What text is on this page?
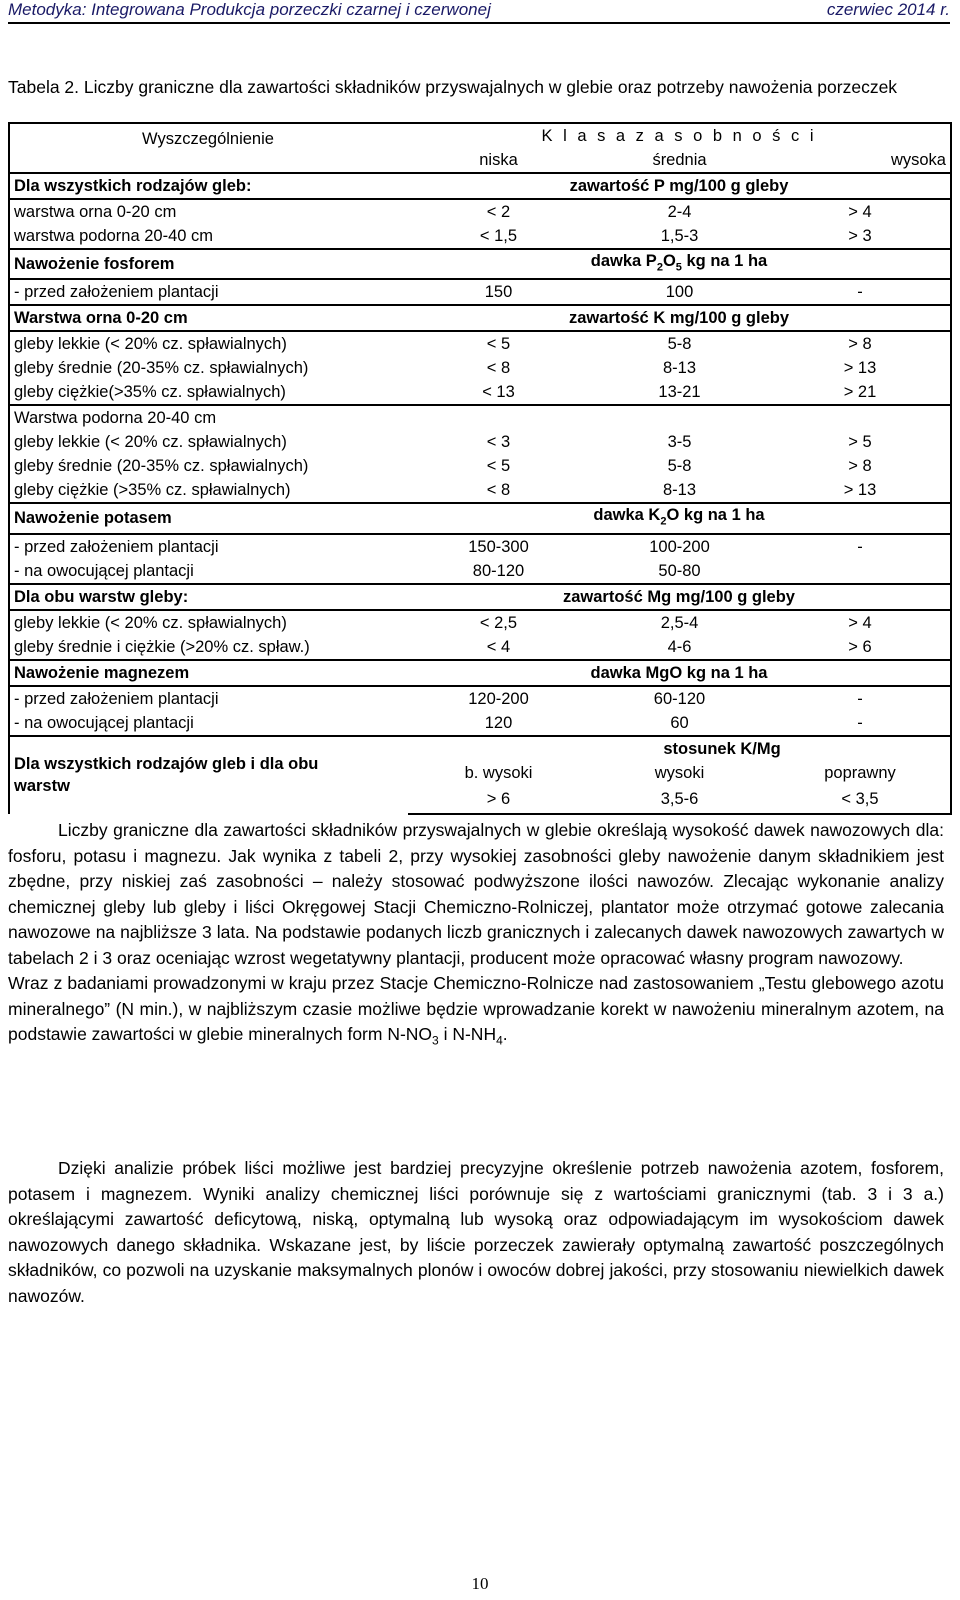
Metodyka: Integrowana Produkcja porzeczki czarnej i czerwonej	czerwiec 2014 r.
Tabela 2. Liczby graniczne dla zawartości składników przyswajalnych w glebie oraz potrzeby nawożenia porzeczek
Wyszczególnienie	K l a s a z a s o b n o ś c i		
	niska	średnia	wysoka
Dla wszystkich rodzajów gleb:	zawartość P mg/100 g gleby		
warstwa orna 0-20 cm	< 2	2-4	> 4
warstwa podorna 20-40 cm	< 1,5	1,5-3	> 3
Nawożenie fosforem	dawka $P_2O_5$ kg na 1 ha		
- przed założeniem plantacji	150	100	-
Warstwa orna 0-20 cm	zawartość K mg/100 g gleby		
gleby lekkie (< 20% cz. spławialnych)	< 5	5-8	> 8
gleby średnie (20-35% cz. spławialnych)	< 8	8-13	> 13
gleby ciężkie(>35% cz. spławialnych)	< 13	13-21	> 21
Warstwa podorna 20-40 cm			
gleby lekkie (< 20% cz. spławialnych)	< 3	3-5	> 5
gleby średnie (20-35% cz. spławialnych)	< 5	5-8	> 8
gleby ciężkie (>35% cz. spławialnych)	< 8	8-13	> 13
Nawożenie potasem	dawka $K_2O$ kg na 1 ha		
- przed założeniem plantacji	150-300	100-200	-
- na owocującej plantacji	80-120	50-80	
Dla obu warstw gleby:	zawartość Mg mg/100 g gleby		
gleby lekkie (< 20% cz. spławialnych)	< 2,5	2,5-4	> 4
gleby średnie i ciężkie (>20% cz. spław.)	< 4	4-6	> 6
Nawożenie magnezem	dawka MgO kg na 1 ha		
- przed założeniem plantacji	120-200	60-120	-
- na owocującej plantacji	120	60	-

Dla wszystkich rodzajów gleb i dla obu
warstw	stosunek K/Mg		
	b. wysoki	wysoki	poprawny
	> 6	3,5-6	< 3,5

Liczby graniczne dla zawartości składników przyswajalnych w glebie określają wysokość dawek nawozowych dla: fosforu, potasu i magnezu. Jak wynika z tabeli 2, przy wysokiej zasobności gleby nawożenie danym składnikiem jest zbędne, przy niskiej zaś zasobności – należy stosować podwyższone ilości nawozów. Zlecając wykonanie analizy chemicznej gleby lub gleby i liści Okręgowej Stacji Chemiczno-Rolniczej, plantator może otrzymać gotowe zalecania nawozowe na najbliższe 3 lata. Na podstawie podanych liczb granicznych i zalecanych dawek nawozowych zawartych w tabelach 2 i 3 oraz oceniając wzrost wegetatywny plantacji, producent może opracować własny program nawozowy.

Wraz z badaniami prowadzonymi w kraju przez Stacje Chemiczno-Rolnicze nad zastosowaniem „Testu glebowego azotu mineralnego” (N min.), w najbliższym czasie możliwe będzie wprowadzanie korekt w nawożeniu mineralnym azotem, na podstawie zawartości w glebie mineralnych form $N-NO_3$ i $N-NH_4$.

Dzięki analizie próbek liści możliwe jest bardziej precyzyjne określenie potrzeb nawożenia azotem, fosforem, potasem i magnezem. Wyniki analizy chemicznej liści porównuje się z wartościami granicznymi (tab. 3 i 3 a.) określającymi zawartość deficytową, niską, optymalną lub wysoką oraz odpowiadającym im wysokościom dawek nawozowych danego składnika. Wskazane jest, by liście porzeczek zawierały optymalną zawartość poszczególnych składników, co pozwoli na uzyskanie maksymalnych plonów i owoców dobrej jakości, przy stosowaniu niewielkich dawek nawozów.

10
